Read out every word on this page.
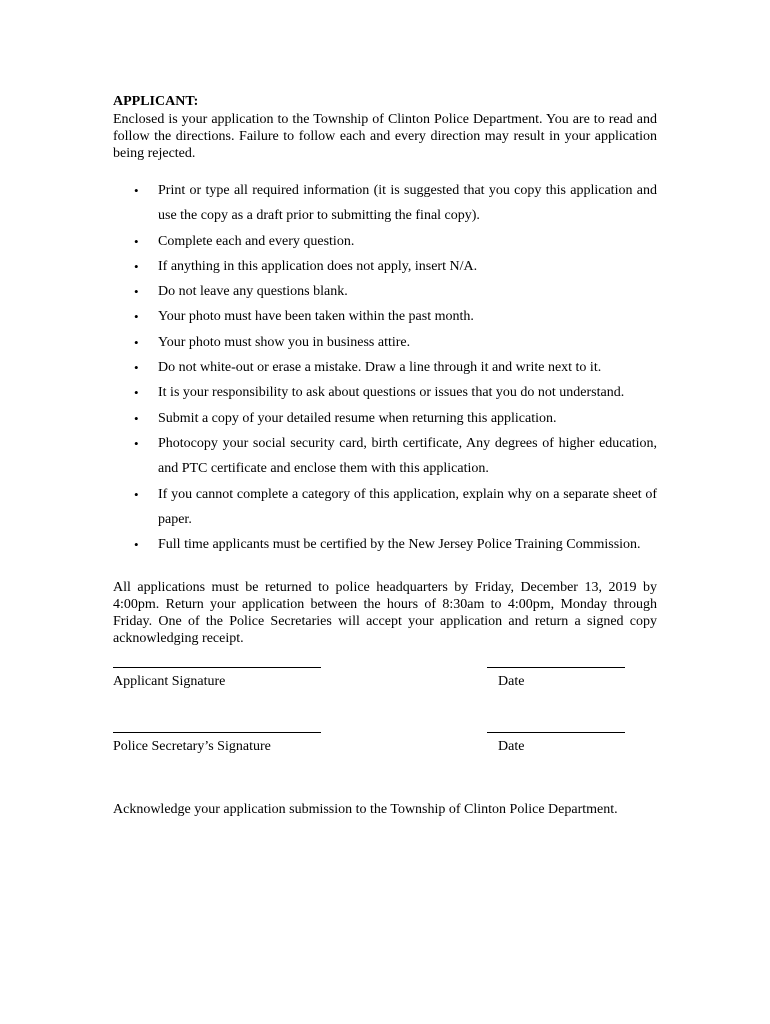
APPLICANT:

Enclosed is your application to the Township of Clinton Police Department. You are to read and follow the directions. Failure to follow each and every direction may result in your application being rejected.

• Print or type all required information (it is suggested that you copy this application and use the copy as a draft prior to submitting the final copy).
• Complete each and every question.
• If anything in this application does not apply, insert N/A.
• Do not leave any questions blank.
• Your photo must have been taken within the past month.
• Your photo must show you in business attire.
• Do not white-out or erase a mistake. Draw a line through it and write next to it.
• It is your responsibility to ask about questions or issues that you do not understand.
• Submit a copy of your detailed resume when returning this application.
• Photocopy your social security card, birth certificate, Any degrees of higher education, and PTC certificate and enclose them with this application.
• If you cannot complete a category of this application, explain why on a separate sheet of paper.
• Full time applicants must be certified by the New Jersey Police Training Commission.

All applications must be returned to police headquarters by Friday, December 13, 2019 by 4:00pm. Return your application between the hours of 8:30am to 4:00pm, Monday through Friday. One of the Police Secretaries will accept your application and return a signed copy acknowledging receipt.

Applicant Signature	Date
Police Secretary’s Signature	Date
Acknowledge your application submission to the Township of Clinton Police Department.
